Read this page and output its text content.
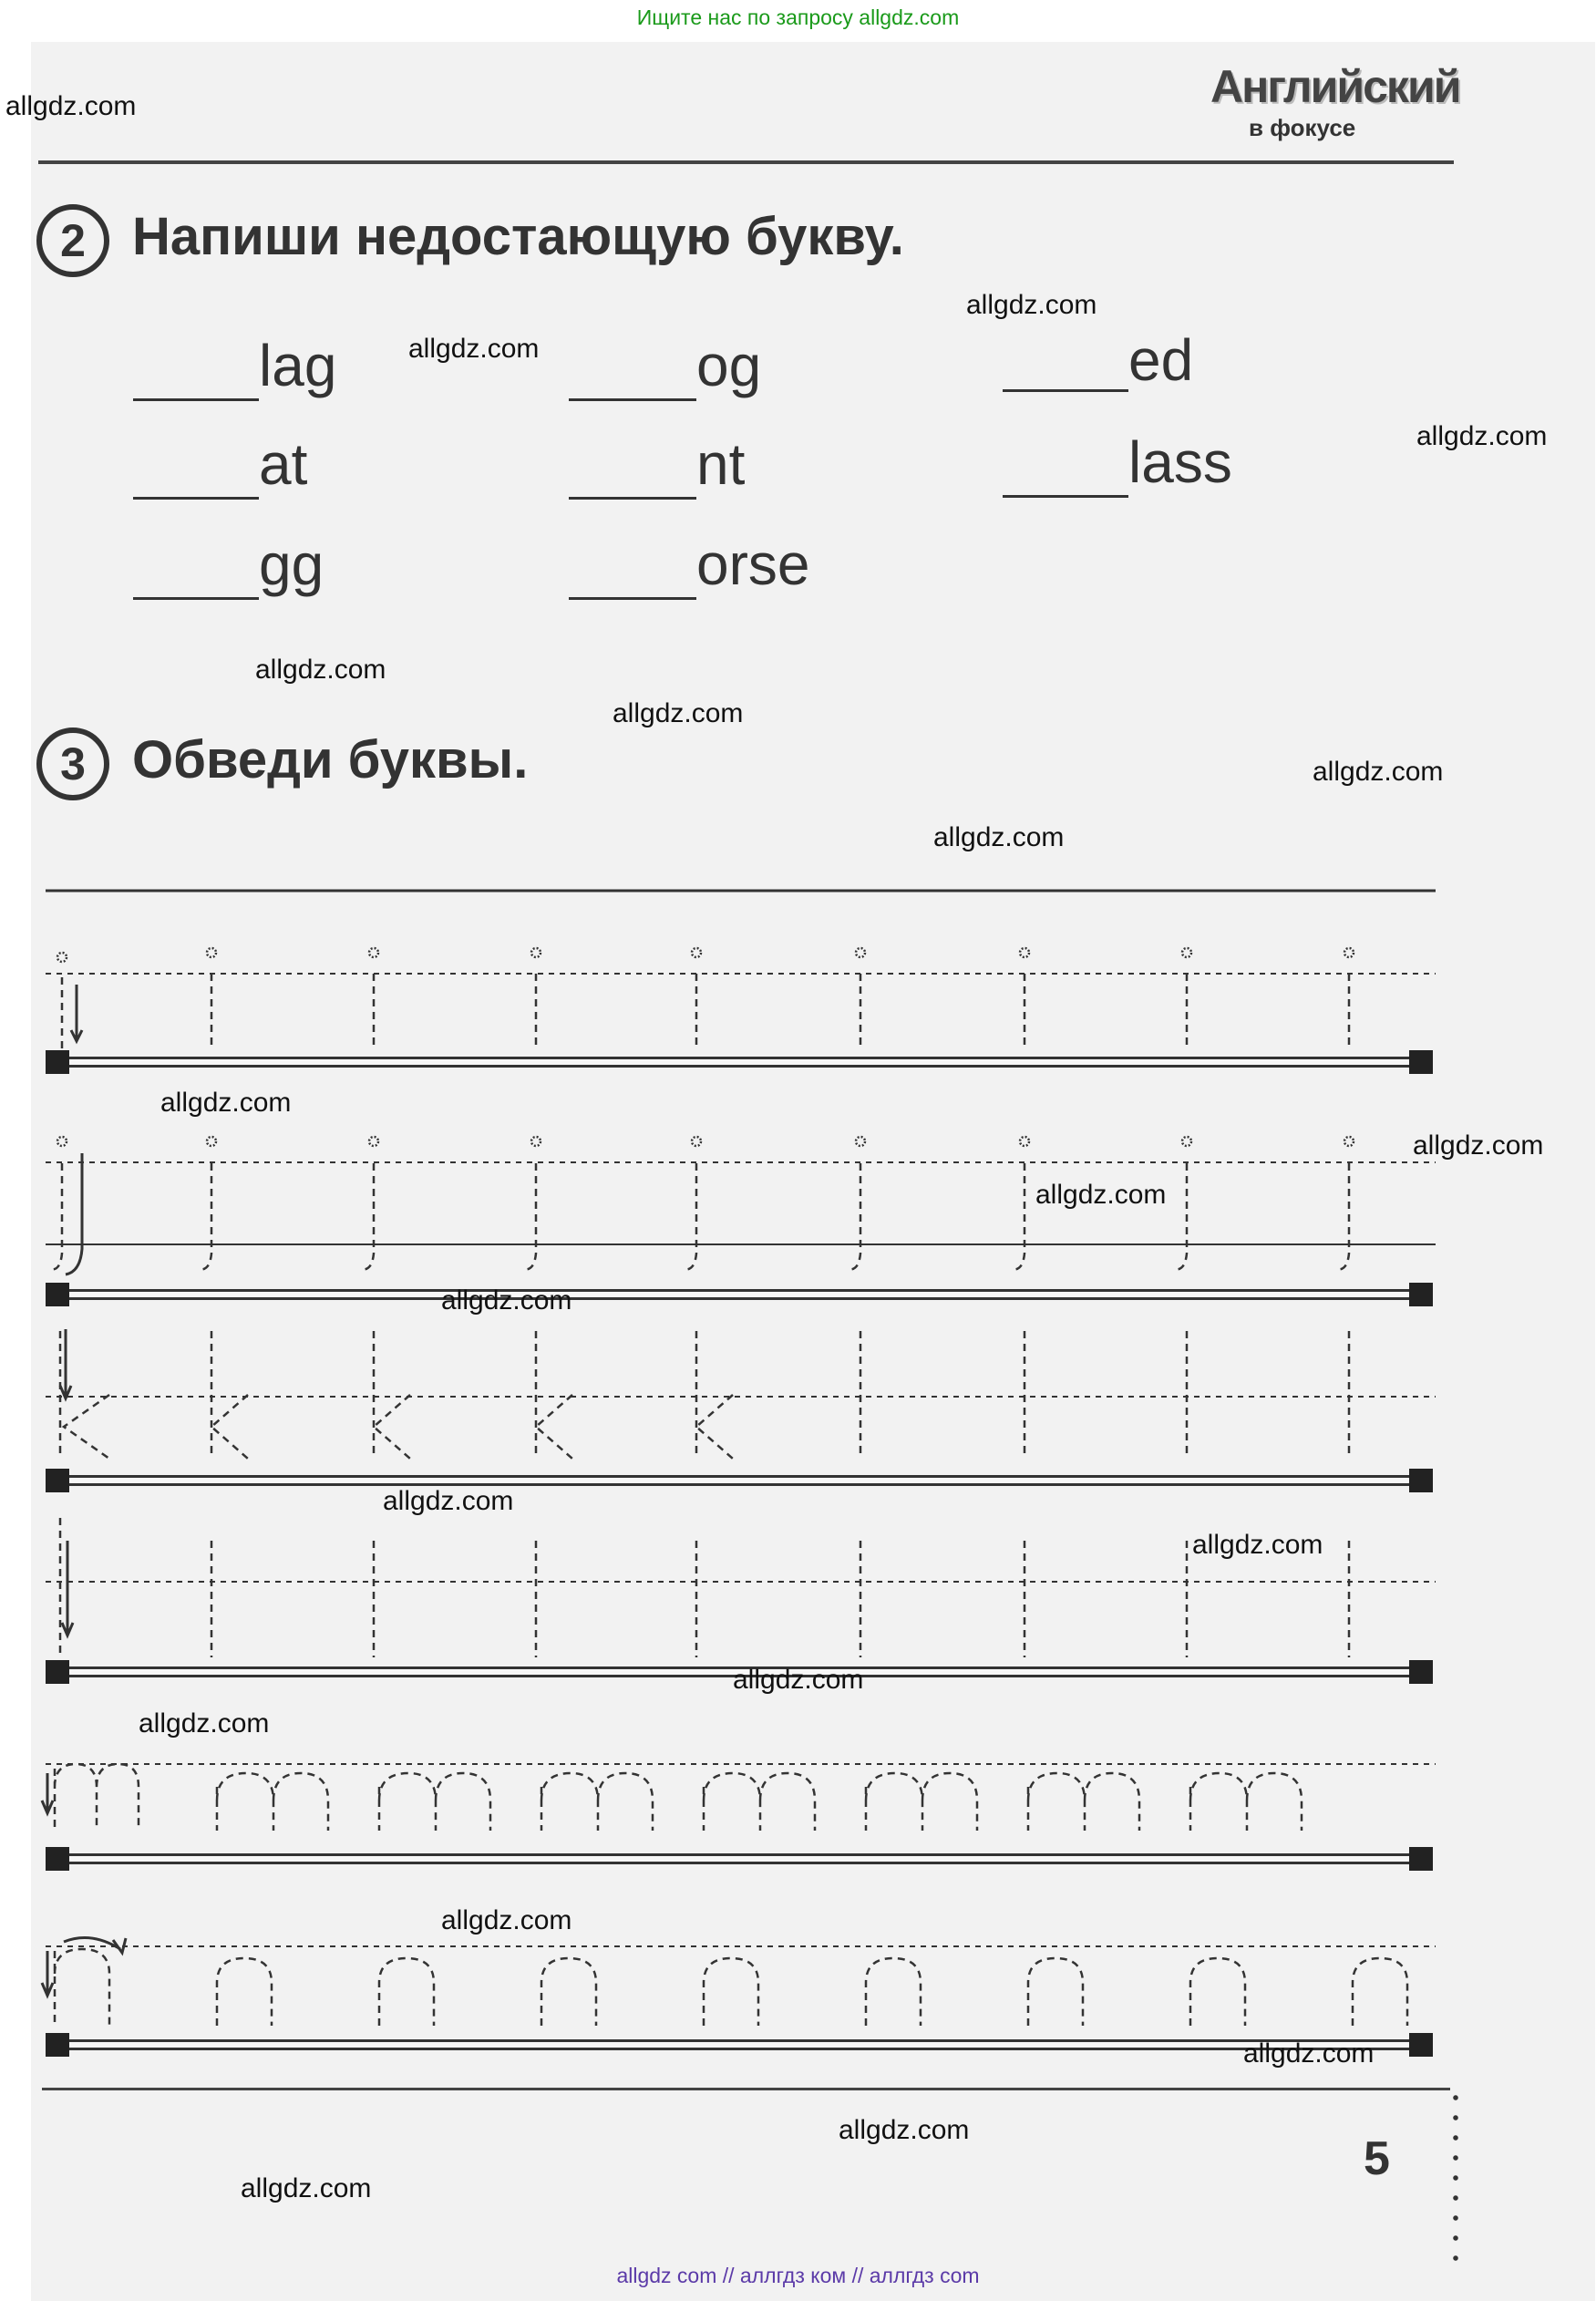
Ищите нас по запросу allgdz.com
Английский
в фокусе
2 Напиши недостающую букву.
lag	og	ed
at	nt	lass
gg	orse
3 Обведи буквы.
5
allgdz.com
allgdz.com
allgdz.com
allgdz.com
allgdz.com
allgdz.com
allgdz.com
allgdz.com
allgdz.com
allgdz.com
allgdz.com
allgdz.com
allgdz.com
allgdz.com
allgdz.com
allgdz.com
allgdz.com
allgdz.com
allgdz.com
allgdz.com
allgdz com // аллгдз ком // аллгдз com
